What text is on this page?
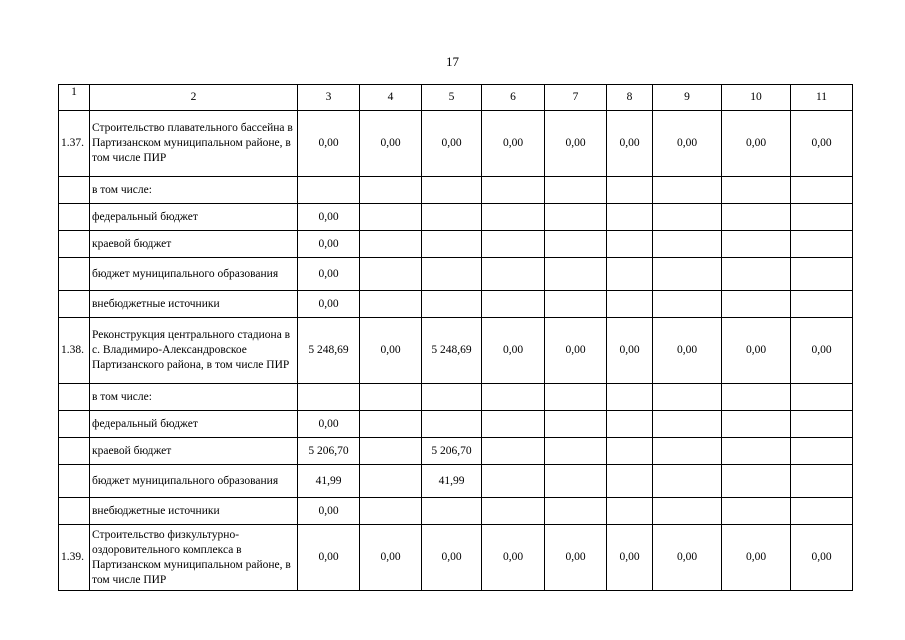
17
1	2	3	4	5	6	7	8	9	10	11
1.37.	Строительство плавательного бассейна в Партизанском муниципальном районе, в том числе ПИР	0,00	0,00	0,00	0,00	0,00	0,00	0,00	0,00	0,00
	в том числе:									
	федеральный бюджет	0,00								
	краевой бюджет	0,00								
	бюджет муниципального образования	0,00								
	внебюджетные источники	0,00								
1.38.	Реконструкция центрального стадиона в с. Владимиро-Александровское Партизанского района, в том числе ПИР	5 248,69	0,00	5 248,69	0,00	0,00	0,00	0,00	0,00	0,00
	в том числе:									
	федеральный бюджет	0,00								
	краевой бюджет	5 206,70		5 206,70						
	бюджет муниципального образования	41,99		41,99						
	внебюджетные источники	0,00								
1.39.	Строительство физкультурно-оздоровительного комплекса в Партизанском муниципальном районе, в том числе ПИР	0,00	0,00	0,00	0,00	0,00	0,00	0,00	0,00	0,00
